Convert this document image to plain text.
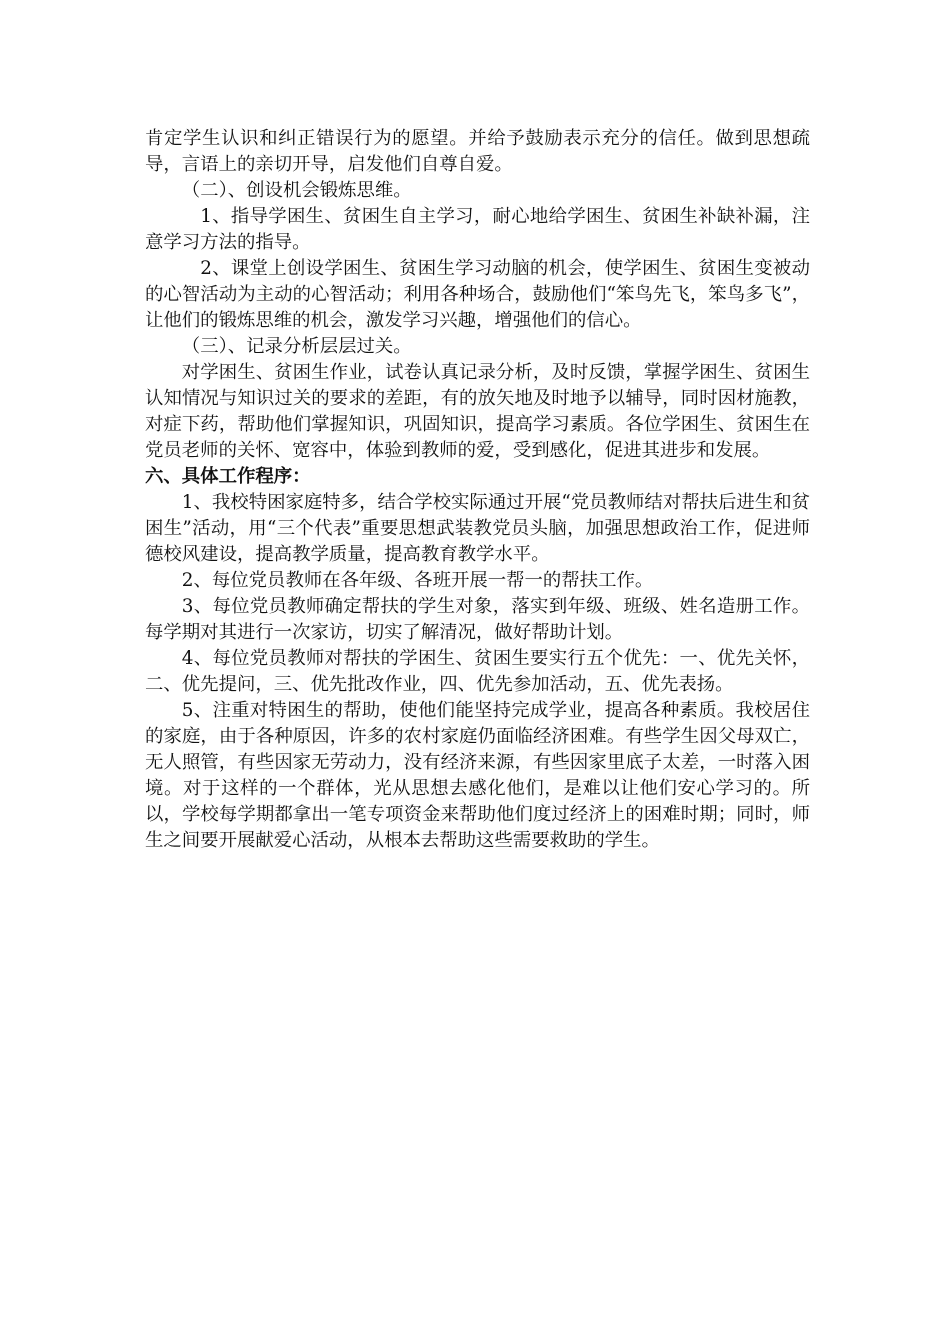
肯定学生认识和纠正错误行为的愿望。并给予鼓励表示充分的信任。做到思想疏导，言语上的亲切开导，启发他们自尊自爱。

（二）、创设机会锻炼思维。

1、指导学困生、贫困生自主学习，耐心地给学困生、贫困生补缺补漏，注意学习方法的指导。

2、课堂上创设学困生、贫困生学习动脑的机会，使学困生、贫困生变被动的心智活动为主动的心智活动；利用各种场合，鼓励他们“笨鸟先飞，笨鸟多飞”，让他们的锻炼思维的机会，激发学习兴趣，增强他们的信心。

（三）、记录分析层层过关。

对学困生、贫困生作业，试卷认真记录分析，及时反馈，掌握学困生、贫困生认知情况与知识过关的要求的差距，有的放矢地及时地予以辅导，同时因材施教，对症下药，帮助他们掌握知识，巩固知识，提高学习素质。各位学困生、贫困生在党员老师的关怀、宽容中，体验到教师的爱，受到感化，促进其进步和发展。

六、具体工作程序：

1、我校特困家庭特多，结合学校实际通过开展“党员教师结对帮扶后进生和贫困生”活动，用“三个代表”重要思想武装教党员头脑，加强思想政治工作，促进师德校风建设，提高教学质量，提高教育教学水平。

2、每位党员教师在各年级、各班开展一帮一的帮扶工作。

3、每位党员教师确定帮扶的学生对象，落实到年级、班级、姓名造册工作。每学期对其进行一次家访，切实了解清况，做好帮助计划。

4、每位党员教师对帮扶的学困生、贫困生要实行五个优先：一、优先关怀，二、优先提问，三、优先批改作业，四、优先参加活动，五、优先表扬。

5、注重对特困生的帮助，使他们能坚持完成学业，提高各种素质。我校居住的家庭，由于各种原因，许多的农村家庭仍面临经济困难。有些学生因父母双亡，无人照管，有些因家无劳动力，没有经济来源，有些因家里底子太差，一时落入困境。对于这样的一个群体，光从思想去感化他们，是难以让他们安心学习的。所以，学校每学期都拿出一笔专项资金来帮助他们度过经济上的困难时期；同时，师生之间要开展献爱心活动，从根本去帮助这些需要救助的学生。
